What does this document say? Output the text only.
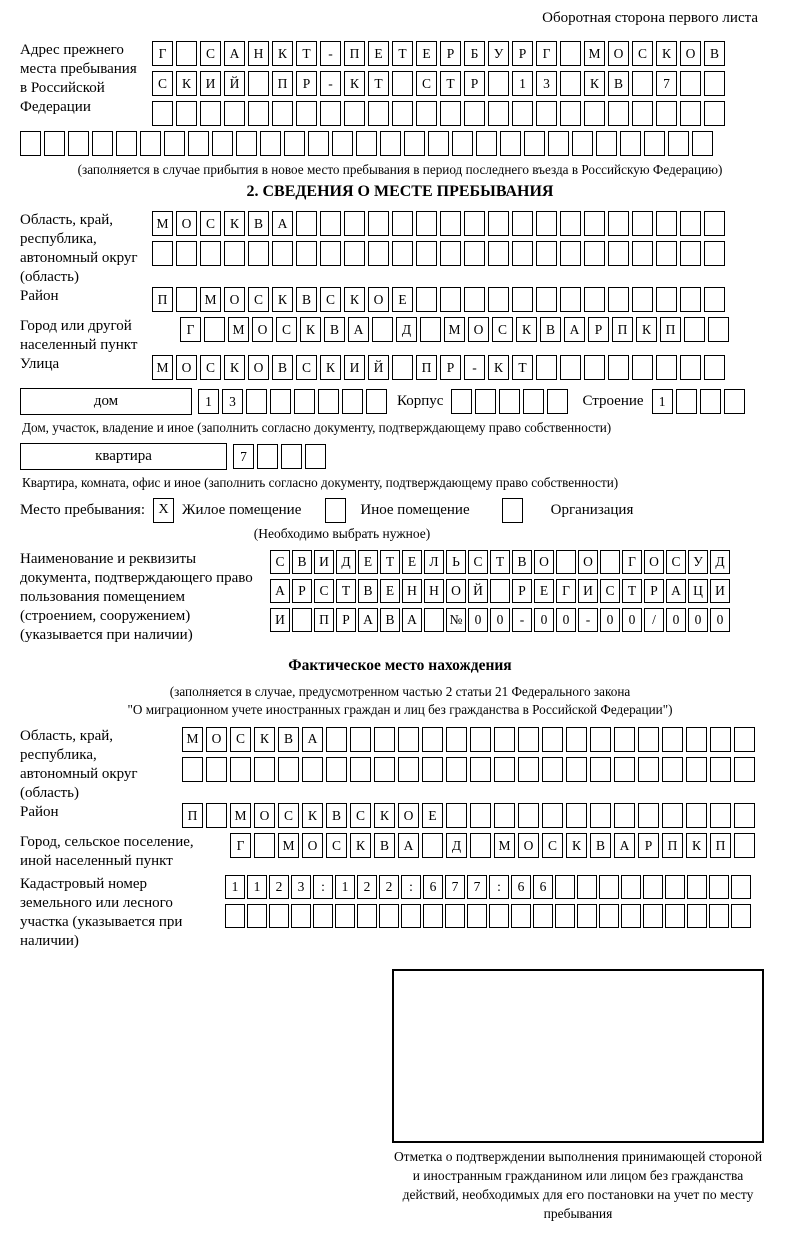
Оборотная сторона первого листа
Адрес прежнего места пребывания в Российской Федерации
Г	С	А	Н	К	Т	-	П	Е	Т	Е	Р	Б	У	Р	Г	М О	С	К	О	В
С	К	И	Й	П	Р	-	К	Т	С	Т	Р	1	3	К	В	7
(заполняется в случае прибытия в новое место пребывания в период последнего въезда в Российскую Федерацию)
2. СВЕДЕНИЯ О МЕСТЕ ПРЕБЫВАНИЯ
Область, край, республика, автономный округ (область)
М О	С	К	В	А
Район	П	М О	С	К	В	С	К	О	Е
Город или другой населенный пункт
Г	М О	С	К	В	А	Д	М О	С	К	В	А	Р	П	К	П
Улица	М О	С	К	О	В	С	К	И	Й	П	Р	-	К	Т
дом	1	3	Корпус	Строение	1
Дом, участок, владение и иное (заполнить согласно документу, подтверждающему право собственности)
квартира	7
Квартира, комната, офис и иное (заполнить согласно документу, подтверждающему право собственности)
Место пребывания: X Жилое помещение	Иное помещение	Организация
(Необходимо выбрать нужное)
Наименование и реквизиты документа, подтверждающего право пользования помещением (строением, сооружением) (указывается при наличии)
С В И Д Е	Т	Е Л	Ь	С Т В О	О	Г О С У Д
А Р	С Т В Е Н Н О Й	Р	Е	Г И С Т	Р А Ц И
И	П Р А В А	№ 0	0	-	0	0	-	0	0	/	0	0	0
Фактическое место нахождения
(заполняется в случае, предусмотренном частью 2 статьи 21 Федерального закона
"О миграционном учете иностранных граждан и лиц без гражданства в Российской Федерации")
Область, край, республика, автономный округ (область)
М О	С	К	В	А
Район	П	М О	С	К	В	С	К	О	Е
Город, сельское поселение, иной населенный пункт
Г	М О	С	К	В	А	Д	М О	С	К	В	А	Р	П	К	П
Кадастровый номер земельного или лесного участка (указывается при наличии)
1	1	2	3	:	1	2	2	:	6	7	7	:	6	6
Отметка о подтверждении выполнения принимающей стороной и иностранным гражданином или лицом без гражданства действий, необходимых для его постановки на учет по месту пребывания
